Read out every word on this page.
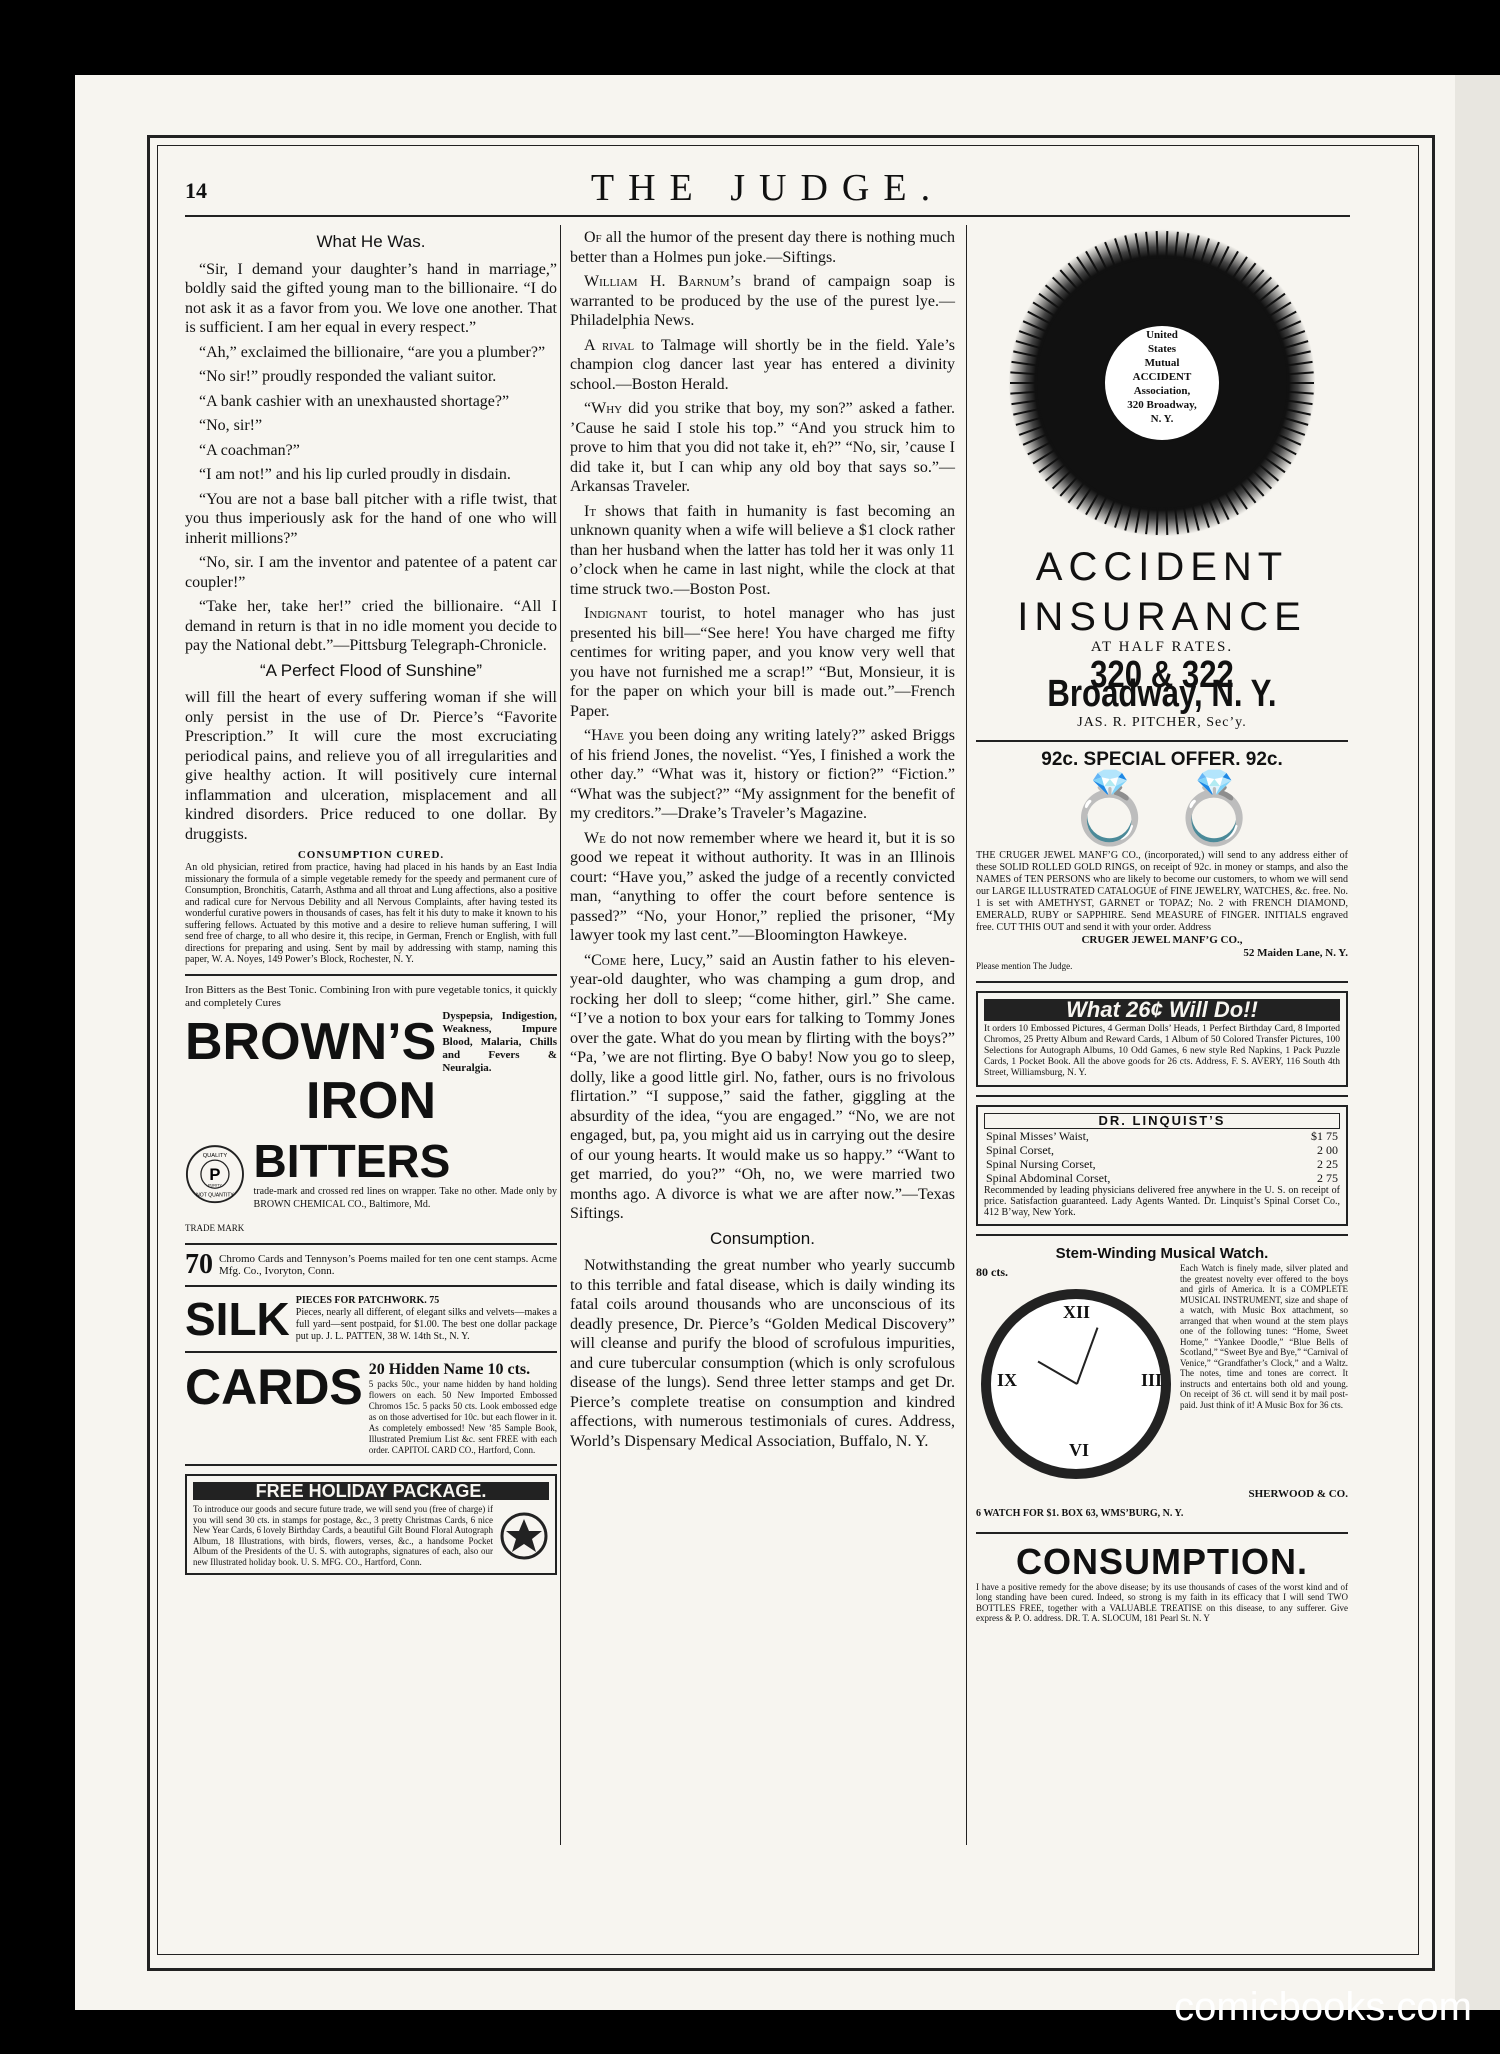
14	THE JUDGE.
What He Was.

“Sir, I demand your daughter’s hand in marriage,” boldly said the gifted young man to the billionaire. “I do not ask it as a favor from you. We love one another. That is sufficient. I am her equal in every respect.”

“Ah,” exclaimed the billionaire, “are you a plumber?”

“No sir!” proudly responded the valiant suitor.

“A bank cashier with an unexhausted shortage?”

“No, sir!”

“A coachman?”

“I am not!” and his lip curled proudly in disdain.

“You are not a base ball pitcher with a rifle twist, that you thus imperiously ask for the hand of one who will inherit millions?”

“No, sir. I am the inventor and patentee of a patent car coupler!”

“Take her, take her!” cried the billionaire. “All I demand in return is that in no idle moment you decide to pay the National debt.”—Pittsburg Telegraph-Chronicle.

“A Perfect Flood of Sunshine”

will fill the heart of every suffering woman if she will only persist in the use of Dr. Pierce’s “Favorite Prescription.” It will cure the most excruciating periodical pains, and relieve you of all irregularities and give healthy action. It will positively cure internal inflammation and ulceration, misplacement and all kindred disorders. Price reduced to one dollar. By druggists.

CONSUMPTION CURED.
An old physician, retired from practice, having had placed in his hands by an East India missionary the formula of a simple vegetable remedy for the speedy and permanent cure of Consumption, Bronchitis, Catarrh, Asthma and all throat and Lung affections, also a positive and radical cure for Nervous Debility and all Nervous Complaints, after having tested its wonderful curative powers in thousands of cases, has felt it his duty to make it known to his suffering fellows. Actuated by this motive and a desire to relieve human suffering, I will send free of charge, to all who desire it, this recipe, in German, French or English, with full directions for preparing and using. Sent by mail by addressing with stamp, naming this paper, W. A. Noyes, 149 Power’s Block, Rochester, N. Y.
Iron Bitters as the Best Tonic. Combining Iron with pure vegetable tonics, it quickly and completely Cures
BROWN’S Dyspepsia, Indigestion, Weakness, Impure Blood, Malaria, Chills and Fevers & Neuralgia.
IRON
P
QUALITY
NOT QUANTITY
PURITY BITTERS
trade-mark and crossed red lines on wrapper. Take no other. Made only by BROWN CHEMICAL CO., Baltimore, Md.
TRADE MARK
70 Chromo Cards and Tennyson’s Poems mailed for ten one cent stamps. Acme Mfg. Co., Ivoryton, Conn.
SILK PIECES FOR PATCHWORK. 75
Pieces, nearly all different, of elegant silks and velvets—makes a full yard—sent postpaid, for $1.00. The best one dollar package put up. J. L. PATTEN, 38 W. 14th St., N. Y.
CARDS 20 Hidden Name 10 cts.
5 packs 50c., your name hidden by hand holding flowers on each. 50 New Imported Embossed Chromos 15c. 5 packs 50 cts. Look embossed edge as on those advertised for 10c. but each flower in it. As completely embossed! New ’85 Sample Book, Illustrated Premium List &c. sent FREE with each order. CAPITOL CARD CO., Hartford, Conn.
FREE HOLIDAY PACKAGE.
To introduce our goods and secure future trade, we will send you (free of charge) if you will send 30 cts. in stamps for postage, &c., 3 pretty Christmas Cards, 6 nice New Year Cards, 6 lovely Birthday Cards, a beautiful Gilt Bound Floral Autograph Album, 18 Illustrations, with birds, flowers, verses, &c., a handsome Pocket Album of the Presidents of the U. S. with autographs, signatures of each, also our new Illustrated holiday book. U. S. MFG. CO., Hartford, Conn.

Of all the humor of the present day there is nothing much better than a Holmes pun joke.—Siftings.

William H. Barnum’s brand of campaign soap is warranted to be produced by the use of the purest lye.—Philadelphia News.

A rival to Talmage will shortly be in the field. Yale’s champion clog dancer last year has entered a divinity school.—Boston Herald.

“Why did you strike that boy, my son?” asked a father. ’Cause he said I stole his top.” “And you struck him to prove to him that you did not take it, eh?” “No, sir, ’cause I did take it, but I can whip any old boy that says so.”—Arkansas Traveler.

It shows that faith in humanity is fast becoming an unknown quanity when a wife will believe a $1 clock rather than her husband when the latter has told her it was only 11 o’clock when he came in last night, while the clock at that time struck two.—Boston Post.

Indignant tourist, to hotel manager who has just presented his bill—“See here! You have charged me fifty centimes for writing paper, and you know very well that you have not furnished me a scrap!” “But, Monsieur, it is for the paper on which your bill is made out.”—French Paper.

“Have you been doing any writing lately?” asked Briggs of his friend Jones, the novelist. “Yes, I finished a work the other day.” “What was it, history or fiction?” “Fiction.” “What was the subject?” “My assignment for the benefit of my creditors.”—Drake’s Traveler’s Magazine.

We do not now remember where we heard it, but it is so good we repeat it without authority. It was in an Illinois court: “Have you,” asked the judge of a recently convicted man, “anything to offer the court before sentence is passed?” “No, your Honor,” replied the prisoner, “My lawyer took my last cent.”—Bloomington Hawkeye.

“Come here, Lucy,” said an Austin father to his eleven-year-old daughter, who was champing a gum drop, and rocking her doll to sleep; “come hither, girl.” She came. “I’ve a notion to box your ears for talking to Tommy Jones over the gate. What do you mean by flirting with the boys?” “Pa, ’we are not flirting. Bye O baby! Now you go to sleep, dolly, like a good little girl. No, father, ours is no frivolous flirtation.” “I suppose,” said the father, giggling at the absurdity of the idea, “you are engaged.” “No, we are not engaged, but, pa, you might aid us in carrying out the desire of our young hearts. It would make us so happy.” “Want to get married, do you?” “Oh, no, we were married two months ago. A divorce is what we are after now.”—Texas Siftings.

Consumption.

Notwithstanding the great number who yearly succumb to this terrible and fatal disease, which is daily winding its fatal coils around thousands who are unconscious of its deadly presence, Dr. Pierce’s “Golden Medical Discovery” will cleanse and purify the blood of scrofulous impurities, and cure tubercular consumption (which is only scrofulous disease of the lungs). Send three letter stamps and get Dr. Pierce’s complete treatise on consumption and kindred affections, with numerous testimonials of cures. Address, World’s Dispensary Medical Association, Buffalo, N. Y.

United
States
Mutual
ACCIDENT
Association,
320 Broadway,
N. Y.
ACCIDENT
INSURANCE
AT HALF RATES.
320 & 322 Broadway, N. Y.
JAS. R. PITCHER, Sec’y.
92c. SPECIAL OFFER. 92c.
💍 💍
THE CRUGER JEWEL MANF’G CO., (incorporated,) will send to any address either of these SOLID ROLLED GOLD RINGS, on receipt of 92c. in money or stamps, and also the NAMES of TEN PERSONS who are likely to become our customers, to whom we will send our LARGE ILLUSTRATED CATALOGUE of FINE JEWELRY, WATCHES, &c. free. No. 1 is set with AMETHYST, GARNET or TOPAZ; No. 2 with FRENCH DIAMOND, EMERALD, RUBY or SAPPHIRE. Send MEASURE of FINGER. INITIALS engraved free. CUT THIS OUT and send it with your order. Address
CRUGER JEWEL MANF’G CO.,
52 Maiden Lane, N. Y.
Please mention The Judge.
What 26¢ Will Do!!
It orders 10 Embossed Pictures, 4 German Dolls’ Heads, 1 Perfect Birthday Card, 8 Imported Chromos, 25 Pretty Album and Reward Cards, 1 Album of 50 Colored Transfer Pictures, 100 Selections for Autograph Albums, 10 Odd Games, 6 new style Red Napkins, 1 Pack Puzzle Cards, 1 Pocket Book. All the above goods for 26 cts. Address, F. S. AVERY, 116 South 4th Street, Williamsburg, N. Y.
DR. LINQUIST’S
Spinal Misses’ Waist,	$1 75
Spinal Corset,	2 00
Spinal Nursing Corset,	2 25
Spinal Abdominal Corset,	2 75
Recommended by leading physicians delivered free anywhere in the U. S. on receipt of price. Satisfaction guaranteed. Lady Agents Wanted. Dr. Linquist’s Spinal Corset Co., 412 B’way, New York.
Stem-Winding Musical Watch.
80 cts.
XII
III
VI
IX
Each Watch is finely made, silver plated and the greatest novelty ever offered to the boys and girls of America. It is a COMPLETE MUSICAL INSTRUMENT, size and shape of a watch, with Music Box attachment, so arranged that when wound at the stem plays one of the following tunes: “Home, Sweet Home,” “Yankee Doodle,” “Blue Bells of Scotland,” “Sweet Bye and Bye,” “Carnival of Venice,” “Grandfather’s Clock,” and a Waltz. The notes, time and tones are correct. It instructs and entertains both old and young. On receipt of 36 ct. will send it by mail post-paid. Just think of it! A Music Box for 36 cts.
SHERWOOD & CO.
6 WATCH FOR $1. BOX 63, WMS’BURG, N. Y.
CONSUMPTION.
I have a positive remedy for the above disease; by its use thousands of cases of the worst kind and of long standing have been cured. Indeed, so strong is my faith in its efficacy that I will send TWO BOTTLES FREE, together with a VALUABLE TREATISE on this disease, to any sufferer. Give express & P. O. address. DR. T. A. SLOCUM, 181 Pearl St. N. Y
comicbooks.com
